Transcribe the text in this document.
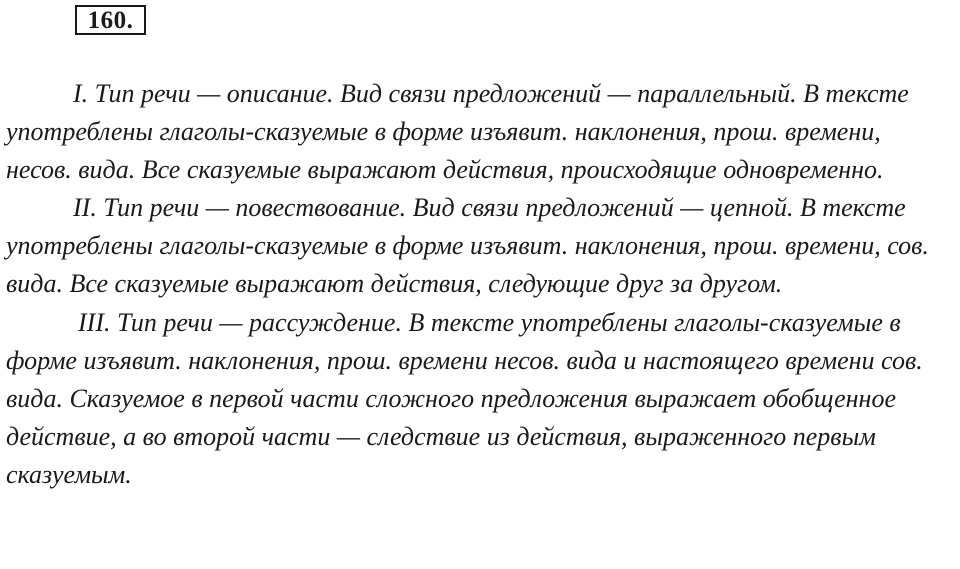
160.

I. Тип речи — описание. Вид связи предложений — параллельный. В тексте употреблены глаголы-сказуемые в форме изъявит. наклонения, прош. времени, несов. вида. Все сказуемые выражают действия, происходящие одновременно.

II. Тип речи — повествование. Вид связи предложений — цепной. В тексте употреблены глаголы-сказуемые в форме изъявит. наклонения, прош. времени, сов. вида. Все сказуемые выражают действия, следующие друг за другом.

III. Тип речи — рассуждение. В тексте употреблены глаголы-сказуемые в форме изъявит. наклонения, прош. времени несов. вида и настоящего времени сов. вида. Сказуемое в первой части сложного предложения выражает обобщенное действие, а во второй части — следствие из действия, выраженного первым сказуемым.
